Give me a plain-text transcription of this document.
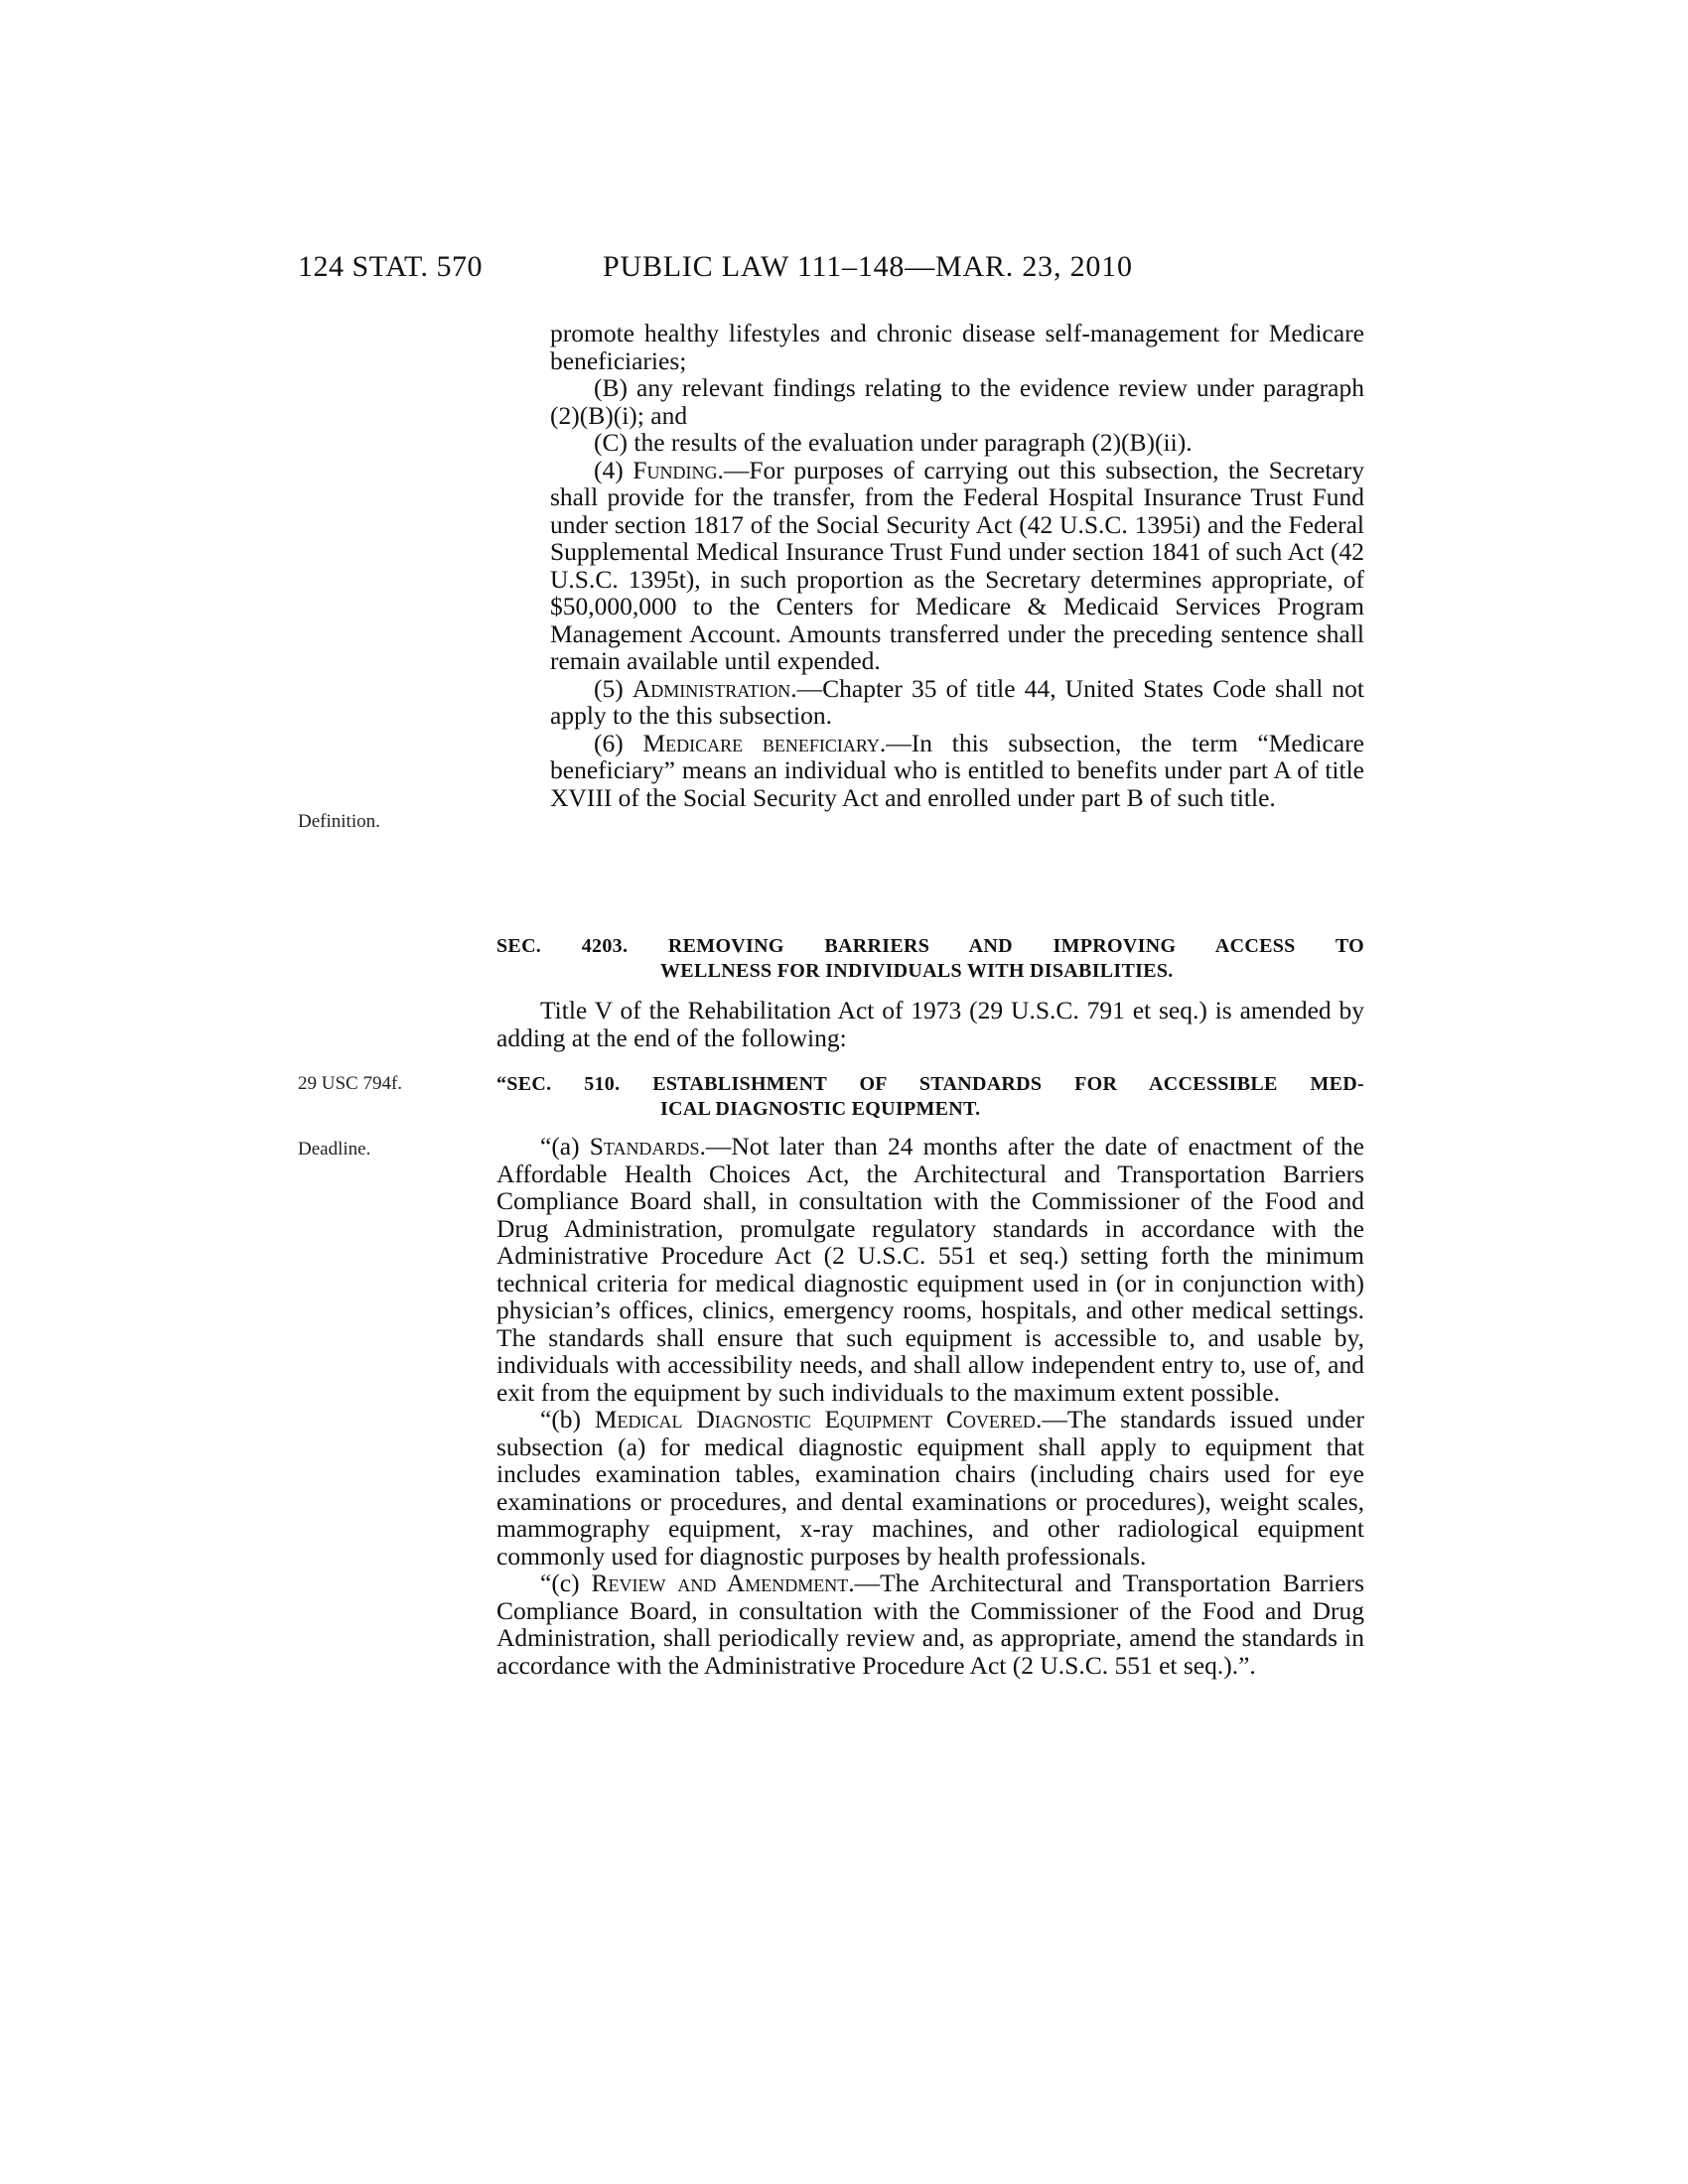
124 STAT. 570	PUBLIC LAW 111–148—MAR. 23, 2010

promote healthy lifestyles and chronic disease self-management for Medicare beneficiaries;

(B) any relevant findings relating to the evidence review under paragraph (2)(B)(i); and

(C) the results of the evaluation under paragraph (2)(B)(ii).

(4) Funding.—For purposes of carrying out this subsection, the Secretary shall provide for the transfer, from the Federal Hospital Insurance Trust Fund under section 1817 of the Social Security Act (42 U.S.C. 1395i) and the Federal Supplemental Medical Insurance Trust Fund under section 1841 of such Act (42 U.S.C. 1395t), in such proportion as the Secretary determines appropriate, of $50,000,000 to the Centers for Medicare & Medicaid Services Program Management Account. Amounts transferred under the preceding sentence shall remain available until expended.

(5) Administration.—Chapter 35 of title 44, United States Code shall not apply to the this subsection.

(6) Medicare beneficiary.—In this subsection, the term “Medicare beneficiary” means an individual who is entitled to benefits under part A of title XVIII of the Social Security Act and enrolled under part B of such title.

Definition.
SEC. 4203. REMOVING BARRIERS AND IMPROVING ACCESS TO
WELLNESS FOR INDIVIDUALS WITH DISABILITIES.

Title V of the Rehabilitation Act of 1973 (29 U.S.C. 791 et seq.) is amended by adding at the end of the following:

29 USC 794f.	“SEC. 510. ESTABLISHMENT OF STANDARDS FOR ACCESSIBLE MED-
ICAL DIAGNOSTIC EQUIPMENT.
Deadline.	“(a) Standards.—Not later than 24 months after the date of enactment of the Affordable Health Choices Act, the Architectural and Transportation Barriers Compliance Board shall, in consultation with the Commissioner of the Food and Drug Administration, promulgate regulatory standards in accordance with the Administrative Procedure Act (2 U.S.C. 551 et seq.) setting forth the minimum technical criteria for medical diagnostic equipment used in (or in conjunction with) physician’s offices, clinics, emergency rooms, hospitals, and other medical settings. The standards shall ensure that such equipment is accessible to, and usable by, individuals with accessibility needs, and shall allow independent entry to, use of, and exit from the equipment by such individuals to the maximum extent possible.

“(b) Medical Diagnostic Equipment Covered.—The standards issued under subsection (a) for medical diagnostic equipment shall apply to equipment that includes examination tables, examination chairs (including chairs used for eye examinations or procedures, and dental examinations or procedures), weight scales, mammography equipment, x-ray machines, and other radiological equipment commonly used for diagnostic purposes by health professionals.

“(c) Review and Amendment.—The Architectural and Transportation Barriers Compliance Board, in consultation with the Commissioner of the Food and Drug Administration, shall periodically review and, as appropriate, amend the standards in accordance with the Administrative Procedure Act (2 U.S.C. 551 et seq.).”.
